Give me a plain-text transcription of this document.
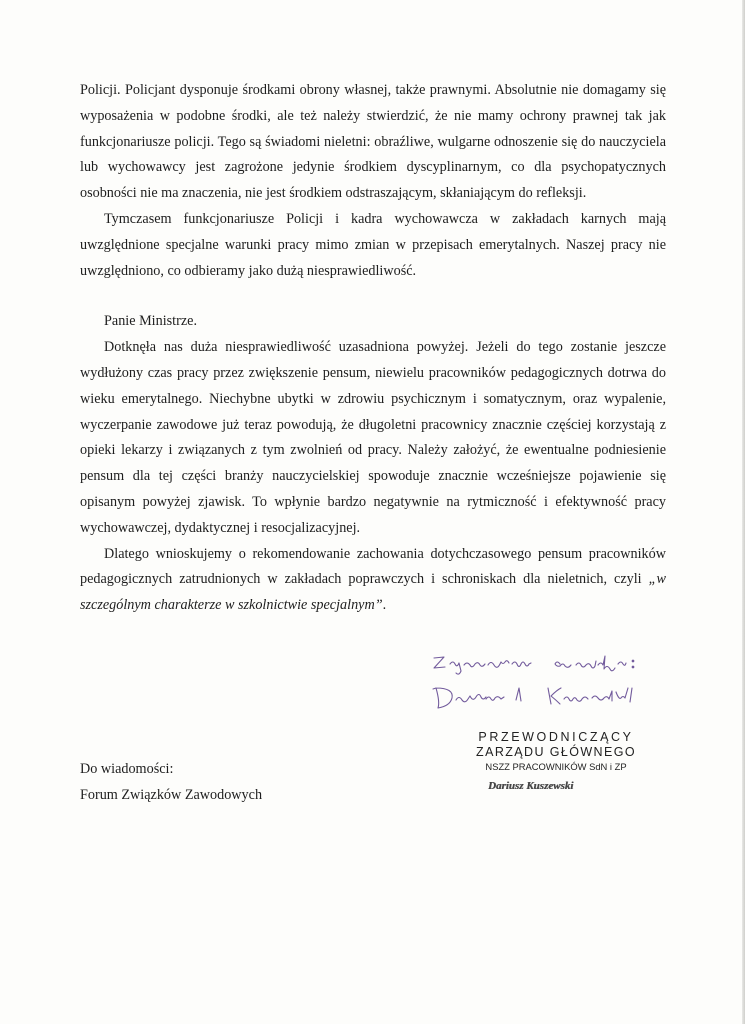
Policji. Policjant dysponuje środkami obrony własnej, także prawnymi. Absolutnie nie domagamy się wyposażenia w podobne środki, ale też należy stwierdzić, że nie mamy ochrony prawnej tak jak funkcjonariusze policji. Tego są świadomi nieletni: obraźliwe, wulgarne odnoszenie się do nauczyciela lub wychowawcy jest zagrożone jedynie środkiem dyscyplinarnym, co dla psychopatycznych osobności nie ma znaczenia, nie jest środkiem odstraszającym, skłaniającym do refleksji.

Tymczasem funkcjonariusze Policji i kadra wychowawcza w zakładach karnych mają uwzględnione specjalne warunki pracy mimo zmian w przepisach emerytalnych. Naszej pracy nie uwzględniono, co odbieramy jako dużą niesprawiedliwość.

Panie Ministrze.

Dotknęła nas duża niesprawiedliwość uzasadniona powyżej. Jeżeli do tego zostanie jeszcze wydłużony czas pracy przez zwiększenie pensum, niewielu pracowników pedagogicznych dotrwa do wieku emerytalnego. Niechybne ubytki w zdrowiu psychicznym i somatycznym, oraz wypalenie, wyczerpanie zawodowe już teraz powodują, że długoletni pracownicy znacznie częściej korzystają z opieki lekarzy i związanych z tym zwolnień od pracy. Należy założyć, że ewentualne podniesienie pensum dla tej części branży nauczycielskiej spowoduje znacznie wcześniejsze pojawienie się opisanym powyżej zjawisk. To wpłynie bardzo negatywnie na rytmiczność i efektywność pracy wychowawczej, dydaktycznej i resocjalizacyjnej.

Dlatego wnioskujemy o rekomendowanie zachowania dotychczasowego pensum pracowników pedagogicznych zatrudnionych w zakładach poprawczych i schroniskach dla nieletnich, czyli „w szczególnym charakterze w szkolnictwie specjalnym”.

PRZEWODNICZĄCY
ZARZĄDU GŁÓWNEGO
NSZZ PRACOWNIKÓW SdN i ZP
Dariusz Kuszewski
Do wiadomości:
Forum Związków Zawodowych
